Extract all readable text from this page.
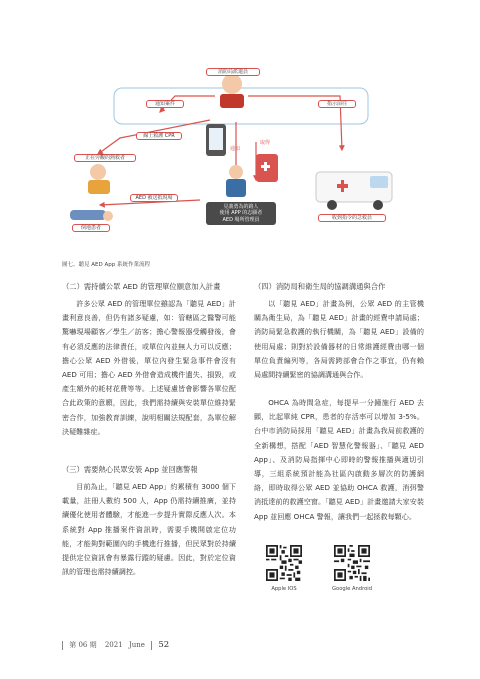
消防局派遣員
通知案件	指示前往
線上救護 CPR
正在旁觀的熱救者
通知
取得
AED 被送抵現場
倒地患者
見義勇為的路人
使用 APP 的志願者
AED 場所管理員	收到指令的急救員
圖七、聽見 AED App 系統作業流程
（二）需持續公眾 AED 的管理單位願意加入計畫

許多公眾 AED 的管理單位雖認為「聽見 AED」計畫利意良善，但仍有諸多疑慮，如：管轄區之醫警可能驚嚇現場顧客／學生／訪客；擔心警報器受觸發後，會有必須反應的法律責任，或單位內並無人力可以反應；擔心公眾 AED 外借後，單位內發生緊急事件會沒有 AED 可用；擔心 AED 外借會造成機件遺失、損毀，或產生額外的耗材花費等等。上述疑慮皆會影響各單位配合此政策的意願，因此，我們需持續與安裝單位維持緊密合作，加強教育訓練，說明相關法規配套，為單位解決疑難雜症。

（三）需要熱心民眾安裝 App 並回應警報

目前為止，「聽見 AED App」約累積有 3000 個下載量，註冊人數約 500 人，App 仍需持續推廣，並持續優化使用者體驗，才能進一步提升實際反應人次。本系統對 App 推播案件資訊時，需要手機開啟定位功能，才能夠對範圍內的手機進行推播，但民眾對於持續提供定位資訊會有暴露行蹤的疑慮。因此，對於定位資訊的管理也需持續調控。

（四）消防局和衛生局的協調溝通與合作

以「聽見 AED」計畫為例，公眾 AED 的主管機關為衛生局，為「聽見 AED」計畫的經費申請局處；消防局緊急救護的執行機關，為「聽見 AED」設備的使用局處；則對於設備器材的日常維護經費由哪一個單位負責編列等，各局需跨部會合作之事宜，仍有賴局處間持續緊密的協調溝通與合作。

OHCA 為時間急症，每提早一分鐘施行 AED 去顫，比起單純 CPR，患者的存活率可以增加 3-5%。台中市消防局採用「聽見 AED」計畫為我局前救護的全新構想，搭配「AED 智慧化警報器」、「聽見 AED App」、及消防局指揮中心即時的警報推播與適切引導，三組系統預計能為社區內啟動多層次的防護網絡，即時取得公眾 AED 並協助 OHCA 救護，消弭警消抵達前的救護空窗。「聽見 AED」計畫邀請大家安裝 App 並回應 OHCA 警報，讓我們一起拯救每顆心。

Apple IOS	Google Android
第 06 期 2021 June 52
